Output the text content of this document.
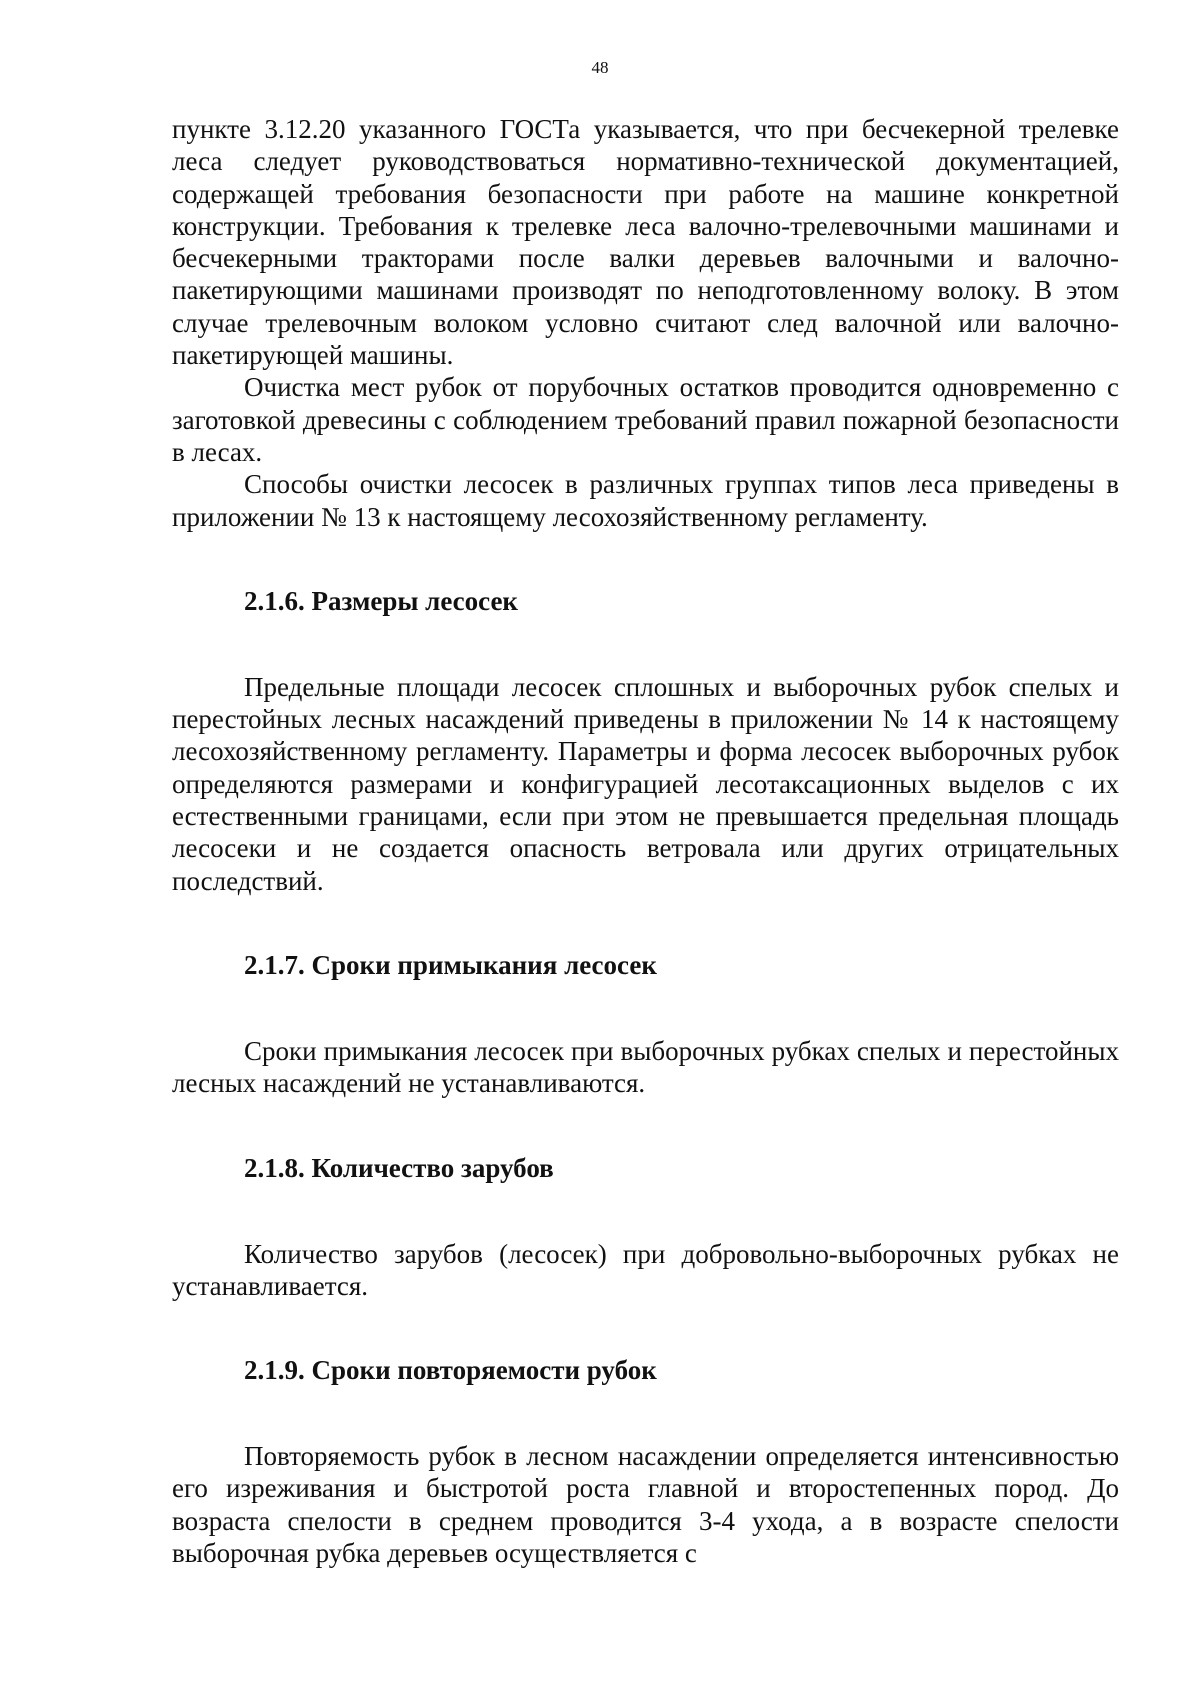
48

пункте 3.12.20 указанного ГОСТа указывается, что при бесчекерной трелевке леса следует руководствоваться нормативно-технической документацией, содержащей требования безопасности при работе на машине конкретной конструкции. Требования к трелевке леса валочно-трелевочными машинами и бесчекерными тракторами после валки деревьев валочными и валочно-пакетирующими машинами производят по неподготовленному волоку. В этом случае трелевочным волоком условно считают след валочной или валочно-пакетирующей машины.

Очистка мест рубок от порубочных остатков проводится одновременно с заготовкой древесины с соблюдением требований правил пожарной безопасности в лесах.

Способы очистки лесосек в различных группах типов леса приведены в приложении № 13 к настоящему лесохозяйственному регламенту.

2.1.6. Размеры лесосек

Предельные площади лесосек сплошных и выборочных рубок спелых и перестойных лесных насаждений приведены в приложении № 14 к настоящему лесохозяйственному регламенту. Параметры и форма лесосек выборочных рубок определяются размерами и конфигурацией лесотаксационных выделов с их естественными границами, если при этом не превышается предельная площадь лесосеки и не создается опасность ветровала или других отрицательных последствий.

2.1.7. Сроки примыкания лесосек

Сроки примыкания лесосек при выборочных рубках спелых и перестойных лесных насаждений не устанавливаются.

2.1.8. Количество зарубов

Количество зарубов (лесосек) при добровольно-выборочных рубках не устанавливается.

2.1.9. Сроки повторяемости рубок

Повторяемость рубок в лесном насаждении определяется интенсивностью его изреживания и быстротой роста главной и второстепенных пород. До возраста спелости в среднем проводится 3-4 ухода, а в возрасте спелости выборочная рубка деревьев осуществляется с
